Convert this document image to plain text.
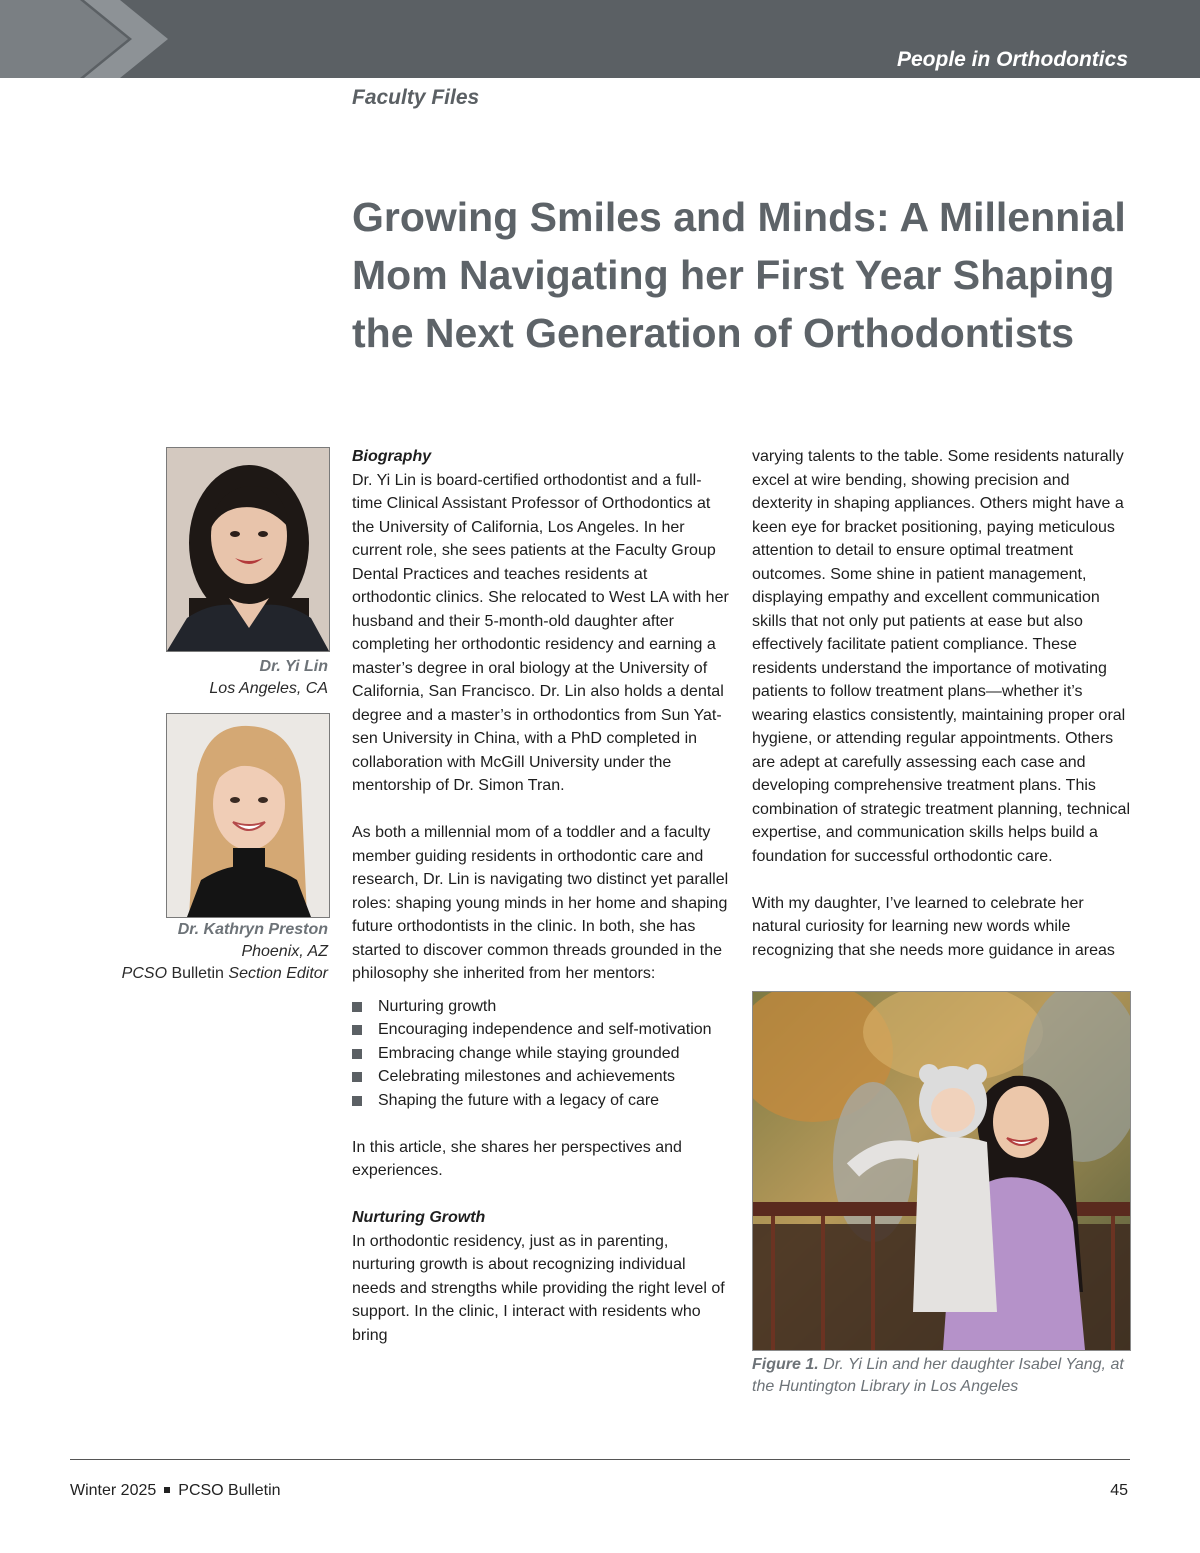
People in Orthodontics
Faculty Files
Growing Smiles and Minds: A Millennial Mom Navigating her First Year Shaping the Next Generation of Orthodontists
Dr. Yi Lin
Los Angeles, CA
Dr. Kathryn Preston
Phoenix, AZ
PCSO Bulletin Section Editor

Biography

Dr. Yi Lin is board-certified orthodontist and a full-time Clinical Assistant Professor of Orthodontics at the University of California, Los Angeles. In her current role, she sees patients at the Faculty Group Dental Practices and teaches residents at orthodontic clinics. She relocated to West LA with her husband and their 5-month-old daughter after completing her orthodontic residency and earning a master’s degree in oral biology at the University of California, San Francisco. Dr. Lin also holds a dental degree and a master’s in orthodontics from Sun Yat-sen University in China, with a PhD completed in collaboration with McGill University under the mentorship of Dr. Simon Tran.

As both a millennial mom of a toddler and a faculty member guiding residents in orthodontic care and research, Dr. Lin is navigating two distinct yet parallel roles: shaping young minds in her home and shaping future orthodontists in the clinic. In both, she has started to discover common threads grounded in the philosophy she inherited from her mentors:

Nurturing growth
Encouraging independence and self-motivation
Embracing change while staying grounded
Celebrating milestones and achievements
Shaping the future with a legacy of care

In this article, she shares her perspectives and experiences.

Nurturing Growth

In orthodontic residency, just as in parenting, nurturing growth is about recognizing individual needs and strengths while providing the right level of support. In the clinic, I interact with residents who bring

varying talents to the table. Some residents naturally excel at wire bending, showing precision and dexterity in shaping appliances. Others might have a keen eye for bracket positioning, paying meticulous attention to detail to ensure optimal treatment outcomes. Some shine in patient management, displaying empathy and excellent communication skills that not only put patients at ease but also effectively facilitate patient compliance. These residents understand the importance of motivating patients to follow treatment plans—whether it’s wearing elastics consistently, maintaining proper oral hygiene, or attending regular appointments. Others are adept at carefully assessing each case and developing comprehensive treatment plans. This combination of strategic treatment planning, technical expertise, and communication skills helps build a foundation for successful orthodontic care.

With my daughter, I’ve learned to celebrate her natural curiosity for learning new words while recognizing that she needs more guidance in areas

Figure 1. Dr. Yi Lin and her daughter Isabel Yang, at the Huntington Library in Los Angeles
Winter 2025 PCSO Bulletin	45
